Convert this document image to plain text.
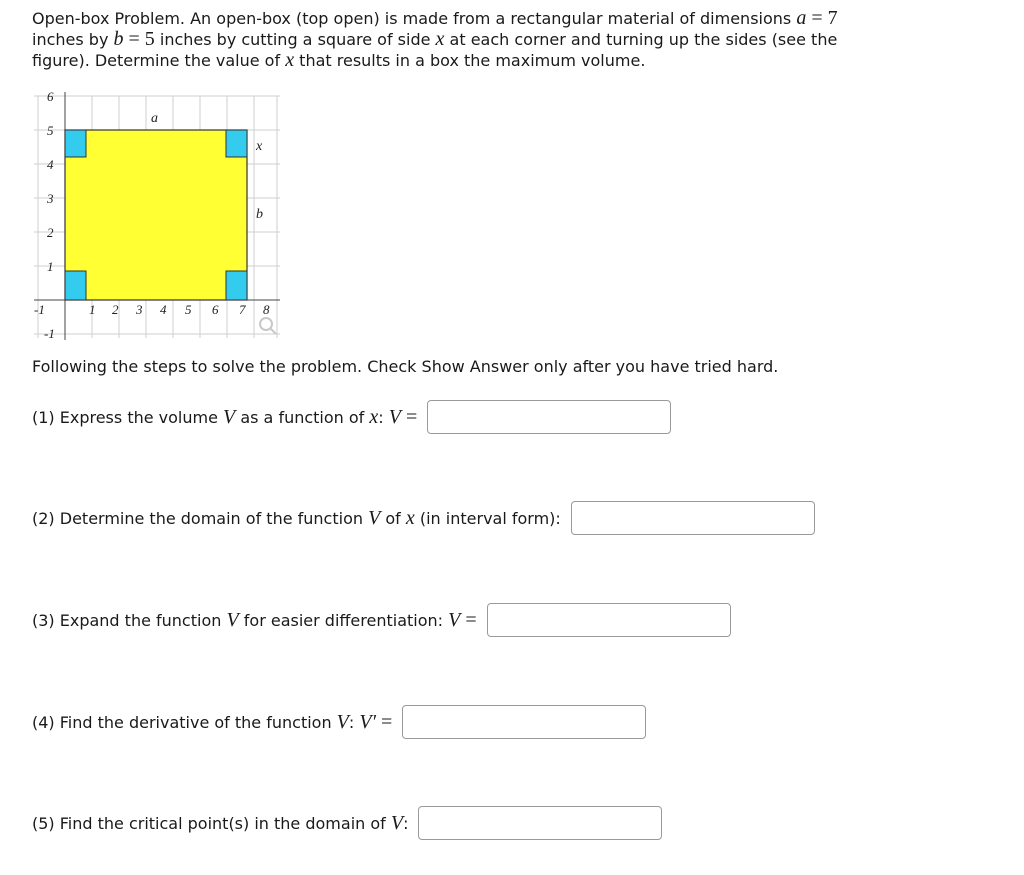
Open-box Problem. An open-box (top open) is made from a rectangular material of dimensions a = 7 inches by b = 5 inches by cutting a square of side x at each corner and turning up the sides (see the figure). Determine the value of x that results in a box the maximum volume.
a
x
b
6
5
4
3
2
1
-1
-1	1 2 3 4 5 6 7 8
Following the steps to solve the problem. Check Show Answer only after you have tried hard.
(1) Express the volume V as a function of x: V =
(2) Determine the domain of the function V of x (in interval form):
(3) Expand the function V for easier differentiation: V =
(4) Find the derivative of the function V: V′ =
(5) Find the critical point(s) in the domain of V:
